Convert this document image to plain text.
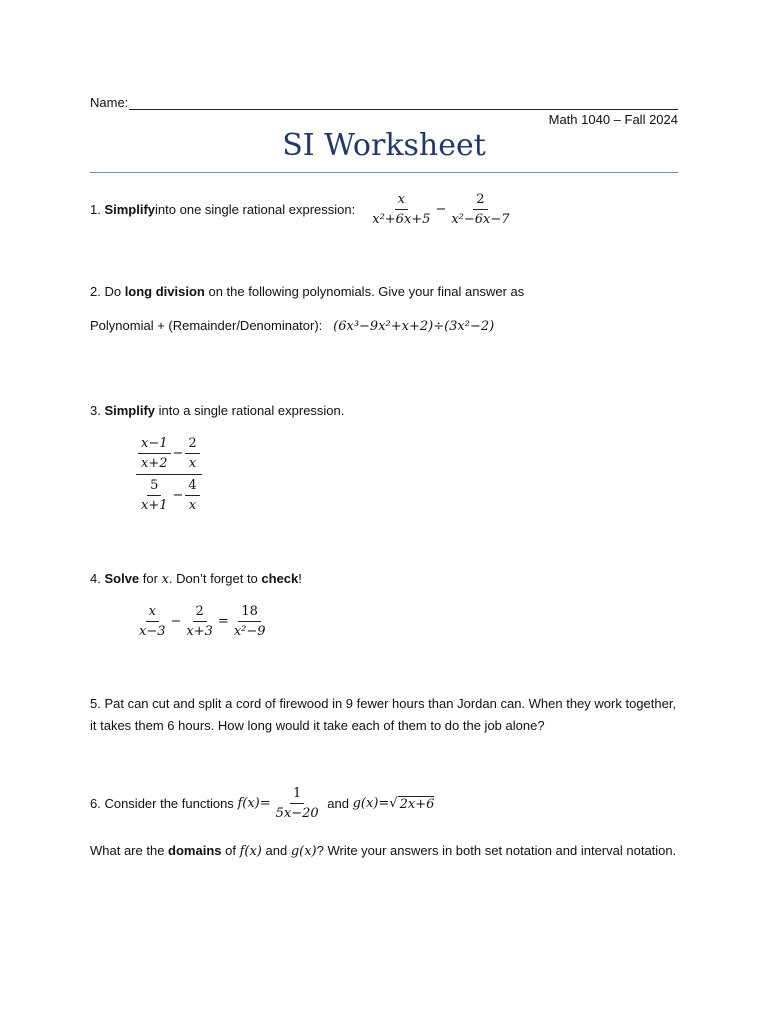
Name:
Math 1040 – Fall 2024
SI Worksheet
1.
Simplify into one single rational expression: $\frac{x}{\text{x²+6x+5}} - \frac{2}{\text{x²−6x−7}}$
2. Do long division on the following polynomials. Give your final answer as
Polynomial + (Remainder/Denominator): (6x³−9x²+x+2)÷(3x²−2)
3. Simplify into a single rational expression.
$\frac{\frac{x-1}{x+2} - \frac{2}{x}}{\frac{5}{x+1} - \frac{4}{x}}$
4. Solve for x. Don’t forget to check!
$\frac{x}{x-3} - \frac{2}{x+3} = \frac{18}{\text{x²−9}}$
5. Pat can cut and split a cord of firewood in 9 fewer hours than Jordan can. When they work together, it takes them 6 hours. How long would it take each of them to do the job alone?
6. Consider the functions
$f(x)= \frac{1}{5x-20}$ and g(x)= √ 2x+6
What are the domains of f(x) and g(x)? Write your answers in both set notation and interval notation.
